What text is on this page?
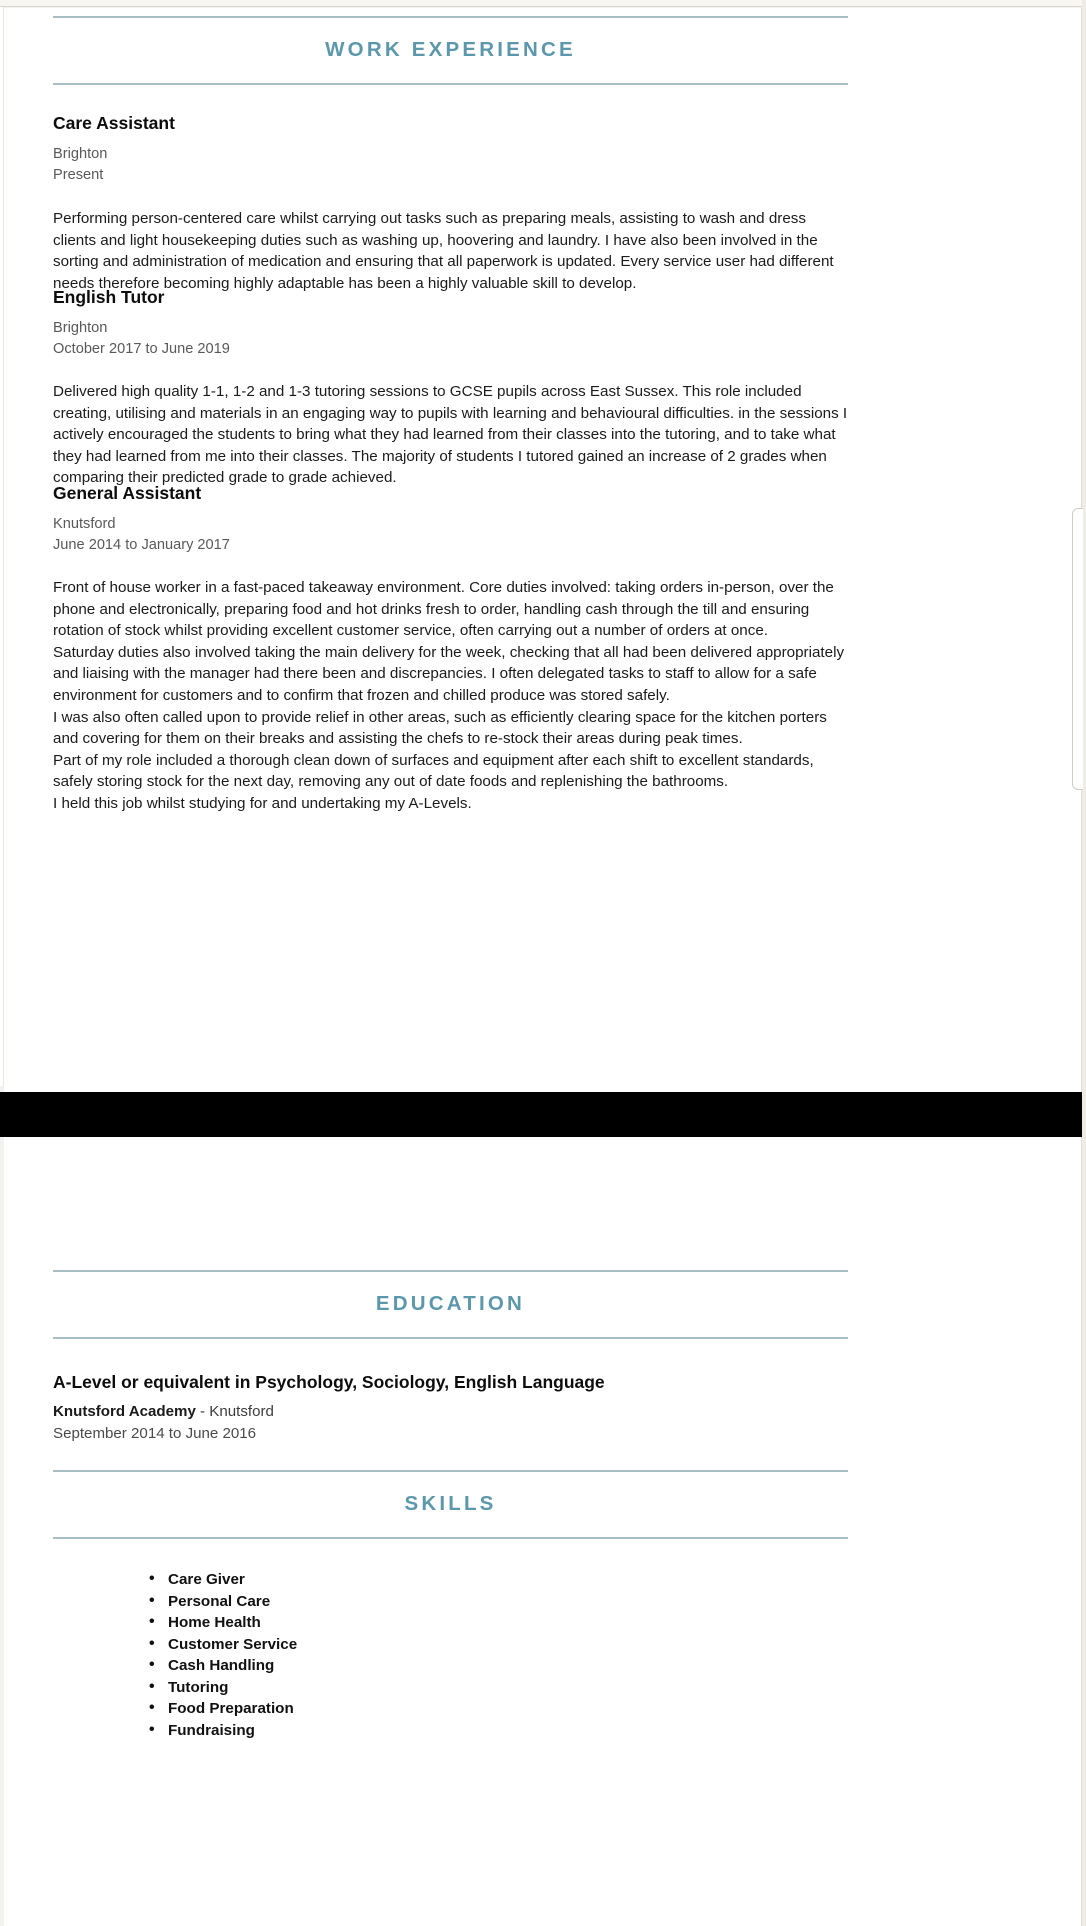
WORK EXPERIENCE
Care Assistant
Brighton
Present

Performing person-centered care whilst carrying out tasks such as preparing meals, assisting to wash and dress clients and light housekeeping duties such as washing up, hoovering and laundry. I have also been involved in the sorting and administration of medication and ensuring that all paperwork is updated. Every service user had different needs therefore becoming highly adaptable has been a highly valuable skill to develop.

English Tutor
Brighton
October 2017 to June 2019

Delivered high quality 1-1, 1-2 and 1-3 tutoring sessions to GCSE pupils across East Sussex. This role included creating, utilising and materials in an engaging way to pupils with learning and behavioural difficulties. in the sessions I actively encouraged the students to bring what they had learned from their classes into the tutoring, and to take what they had learned from me into their classes. The majority of students I tutored gained an increase of 2 grades when comparing their predicted grade to grade achieved.

General Assistant
Knutsford
June 2014 to January 2017

Front of house worker in a fast-paced takeaway environment. Core duties involved: taking orders in-person, over the phone and electronically, preparing food and hot drinks fresh to order, handling cash through the till and ensuring rotation of stock whilst providing excellent customer service, often carrying out a number of orders at once.

Saturday duties also involved taking the main delivery for the week, checking that all had been delivered appropriately and liaising with the manager had there been and discrepancies. I often delegated tasks to staff to allow for a safe environment for customers and to confirm that frozen and chilled produce was stored safely.

I was also often called upon to provide relief in other areas, such as efficiently clearing space for the kitchen porters and covering for them on their breaks and assisting the chefs to re-stock their areas during peak times.

Part of my role included a thorough clean down of surfaces and equipment after each shift to excellent standards, safely storing stock for the next day, removing any out of date foods and replenishing the bathrooms.

I held this job whilst studying for and undertaking my A-Levels.

EDUCATION
A-Level or equivalent in Psychology, Sociology, English Language
Knutsford Academy - Knutsford
September 2014 to June 2016
SKILLS
• Care Giver
• Personal Care
• Home Health
• Customer Service
• Cash Handling
• Tutoring
• Food Preparation
• Fundraising
